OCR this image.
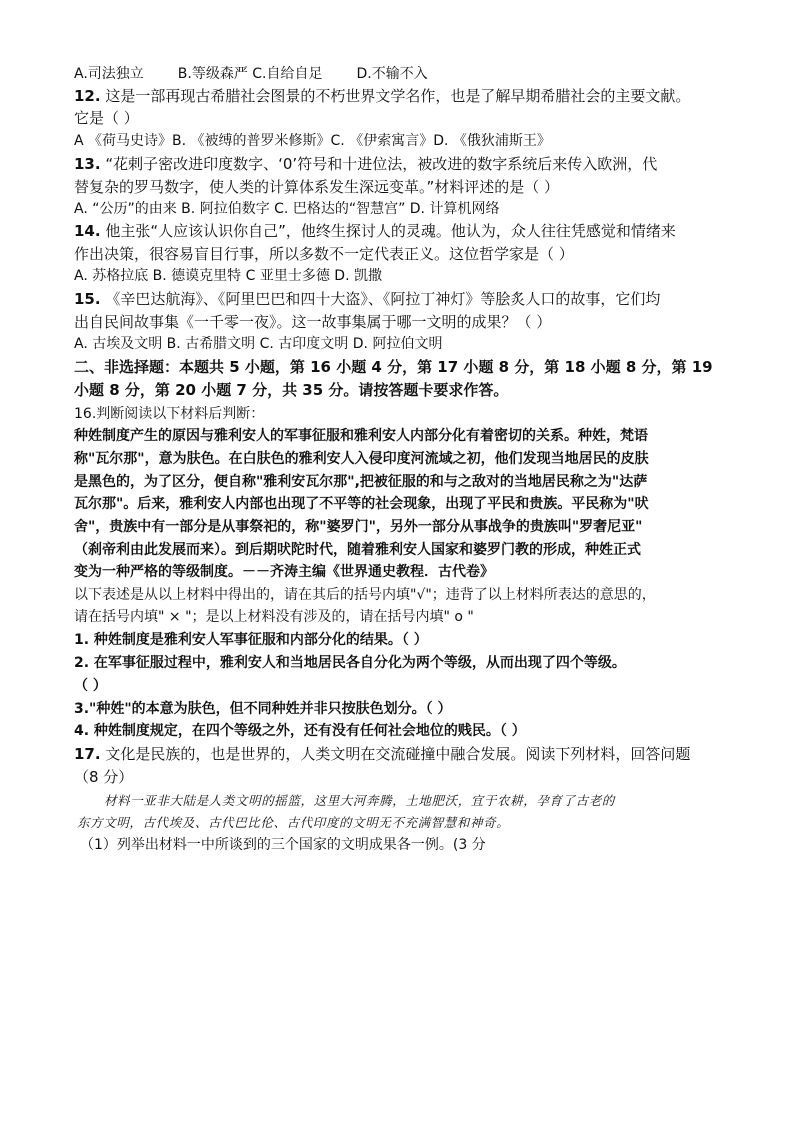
A.司法独立 B.等级森严 C.自给自足 D.不输不入
12. 这是一部再现古希腊社会图景的不朽世界文学名作，也是了解早期希腊社会的主要文献。
它是（ ）
A 《荷马史诗》B. 《被缚的普罗米修斯》C. 《伊索寓言》D. 《俄狄浦斯王》
13. “花剌子密改进印度数字、‘0’符号和十进位法，被改进的数字系统后来传入欧洲，代
替复杂的罗马数字，使人类的计算体系发生深远变革。”材料评述的是（ ）
A. “公历”的由来 B. 阿拉伯数字 C. 巴格达的“智慧宫” D. 计算机网络
14. 他主张“人应该认识你自己”，他终生探讨人的灵魂。他认为，众人往往凭感觉和情绪来
作出决策，很容易盲目行事，所以多数不一定代表正义。这位哲学家是（ ）
A. 苏格拉底 B. 德谟克里特 C 亚里士多德 D. 凯撒
15. 《辛巴达航海》、《阿里巴巴和四十大盗》、《阿拉丁神灯》等脍炙人口的故事，它们均
出自民间故事集《一千零一夜》。这一故事集属于哪一文明的成果？（ ）
A. 古埃及文明 B. 古希腊文明 C. 古印度文明 D. 阿拉伯文明
二、非选择题：本题共 5 小题，第 16 小题 4 分，第 17 小题 8 分，第 18 小题 8 分，第 19
小题 8 分，第 20 小题 7 分，共 35 分。请按答题卡要求作答。
16.判断阅读以下材料后判断：
种姓制度产生的原因与雅利安人的军事征服和雅利安人内部分化有着密切的关系。种姓，梵语
称"瓦尔那"，意为肤色。在白肤色的雅利安人入侵印度河流域之初，他们发现当地居民的皮肤
是黑色的，为了区分，便自称"雅利安瓦尔那",把被征服的和与之敌对的当地居民称之为"达萨
瓦尔那"。后来，雅利安人内部也出现了不平等的社会现象，出现了平民和贵族。平民称为"吠
舍"，贵族中有一部分是从事祭祀的，称"婆罗门"，另外一部分从事战争的贵族叫"罗奢尼亚"
（刹帝利由此发展而来）。到后期吠陀时代，随着雅利安人国家和婆罗门教的形成，种姓正式
变为一种严格的等级制度。－－齐涛主编《世界通史教程．古代卷》
以下表述是从以上材料中得出的，请在其后的括号内填"√"；违背了以上材料所表达的意思的，
请在括号内填" × "；是以上材料没有涉及的，请在括号内填" o "
1. 种姓制度是雅利安人军事征服和内部分化的结果。（ ）
2. 在军事征服过程中，雅利安人和当地居民各自分化为两个等级，从而出现了四个等级。
（ ）
3."种姓"的本意为肤色，但不同种姓并非只按肤色划分。（ ）
4. 种姓制度规定，在四个等级之外，还有没有任何社会地位的贱民。（ ）
17. 文化是民族的，也是世界的，人类文明在交流碰撞中融合发展。阅读下列材料，回答问题
（8 分）
材料一亚非大陆是人类文明的摇篮，这里大河奔腾，土地肥沃，宜于农耕，孕育了古老的
东方文明，古代埃及、古代巴比伦、古代印度的文明无不充满智慧和神奇。
（1）列举出材料一中所谈到的三个国家的文明成果各一例。(3 分
